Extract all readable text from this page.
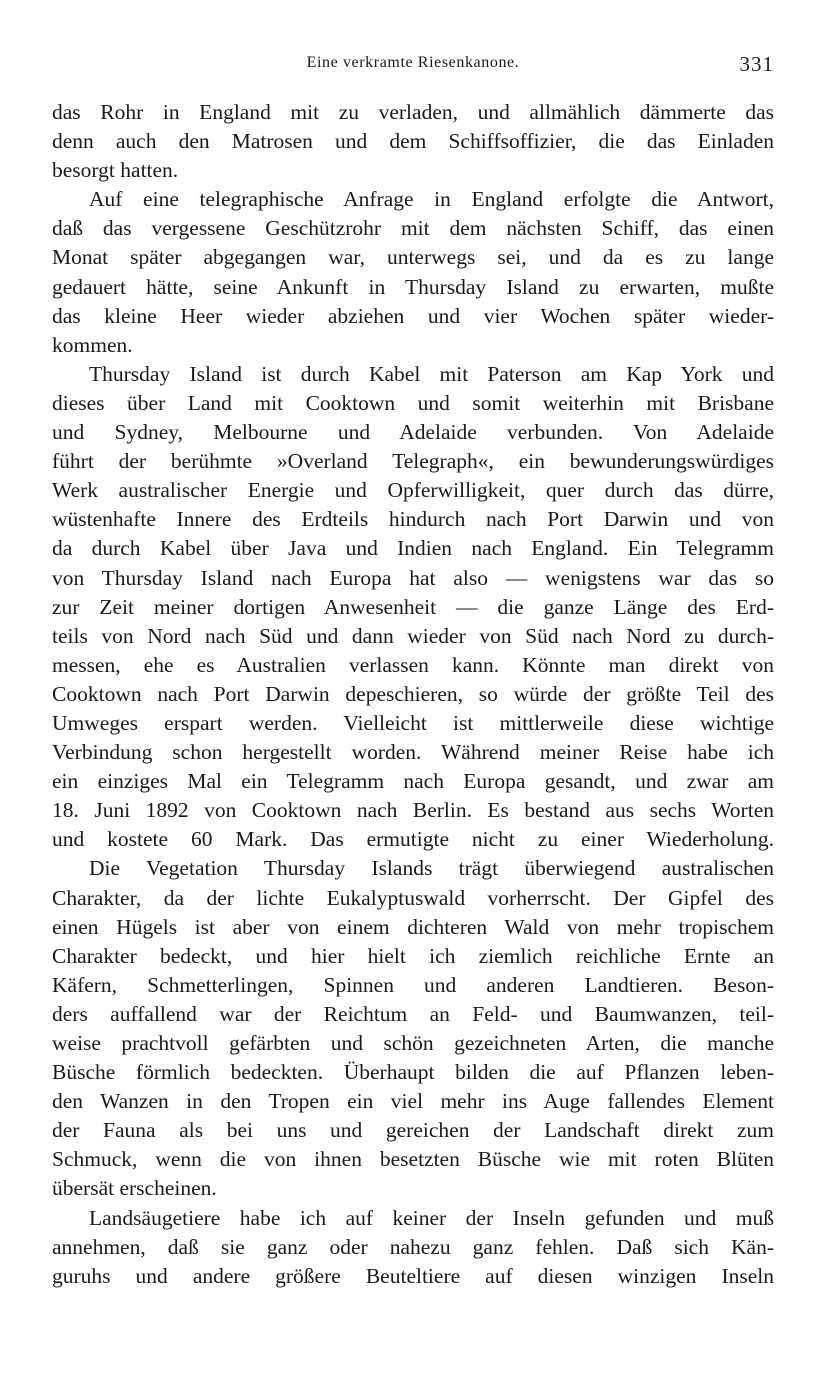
Eine verkramte Riesenkanone.	331
das Rohr in England mit zu verladen, und allmählich dämmerte das
denn auch den Matrosen und dem Schiffsoffizier, die das Einladen
besorgt hatten.
Auf eine telegraphische Anfrage in England erfolgte die Antwort,
daß das vergessene Geschützrohr mit dem nächsten Schiff, das einen
Monat später abgegangen war, unterwegs sei, und da es zu lange
gedauert hätte, seine Ankunft in Thursday Island zu erwarten, mußte
das kleine Heer wieder abziehen und vier Wochen später wieder-
kommen.
Thursday Island ist durch Kabel mit Paterson am Kap York und
dieses über Land mit Cooktown und somit weiterhin mit Brisbane
und Sydney, Melbourne und Adelaide verbunden. Von Adelaide
führt der berühmte »Overland Telegraph«, ein bewunderungswürdiges
Werk australischer Energie und Opferwilligkeit, quer durch das dürre,
wüstenhafte Innere des Erdteils hindurch nach Port Darwin und von
da durch Kabel über Java und Indien nach England. Ein Telegramm
von Thursday Island nach Europa hat also — wenigstens war das so
zur Zeit meiner dortigen Anwesenheit — die ganze Länge des Erd-
teils von Nord nach Süd und dann wieder von Süd nach Nord zu durch-
messen, ehe es Australien verlassen kann. Könnte man direkt von
Cooktown nach Port Darwin depeschieren, so würde der größte Teil des
Umweges erspart werden. Vielleicht ist mittlerweile diese wichtige
Verbindung schon hergestellt worden. Während meiner Reise habe ich
ein einziges Mal ein Telegramm nach Europa gesandt, und zwar am
18. Juni 1892 von Cooktown nach Berlin. Es bestand aus sechs Worten
und kostete 60 Mark. Das ermutigte nicht zu einer Wiederholung.
Die Vegetation Thursday Islands trägt überwiegend australischen
Charakter, da der lichte Eukalyptuswald vorherrscht. Der Gipfel des
einen Hügels ist aber von einem dichteren Wald von mehr tropischem
Charakter bedeckt, und hier hielt ich ziemlich reichliche Ernte an
Käfern, Schmetterlingen, Spinnen und anderen Landtieren. Beson-
ders auffallend war der Reichtum an Feld- und Baumwanzen, teil-
weise prachtvoll gefärbten und schön gezeichneten Arten, die manche
Büsche förmlich bedeckten. Überhaupt bilden die auf Pflanzen leben-
den Wanzen in den Tropen ein viel mehr ins Auge fallendes Element
der Fauna als bei uns und gereichen der Landschaft direkt zum
Schmuck, wenn die von ihnen besetzten Büsche wie mit roten Blüten
übersät erscheinen.
Landsäugetiere habe ich auf keiner der Inseln gefunden und muß
annehmen, daß sie ganz oder nahezu ganz fehlen. Daß sich Kän-
guruhs und andere größere Beuteltiere auf diesen winzigen Inseln
